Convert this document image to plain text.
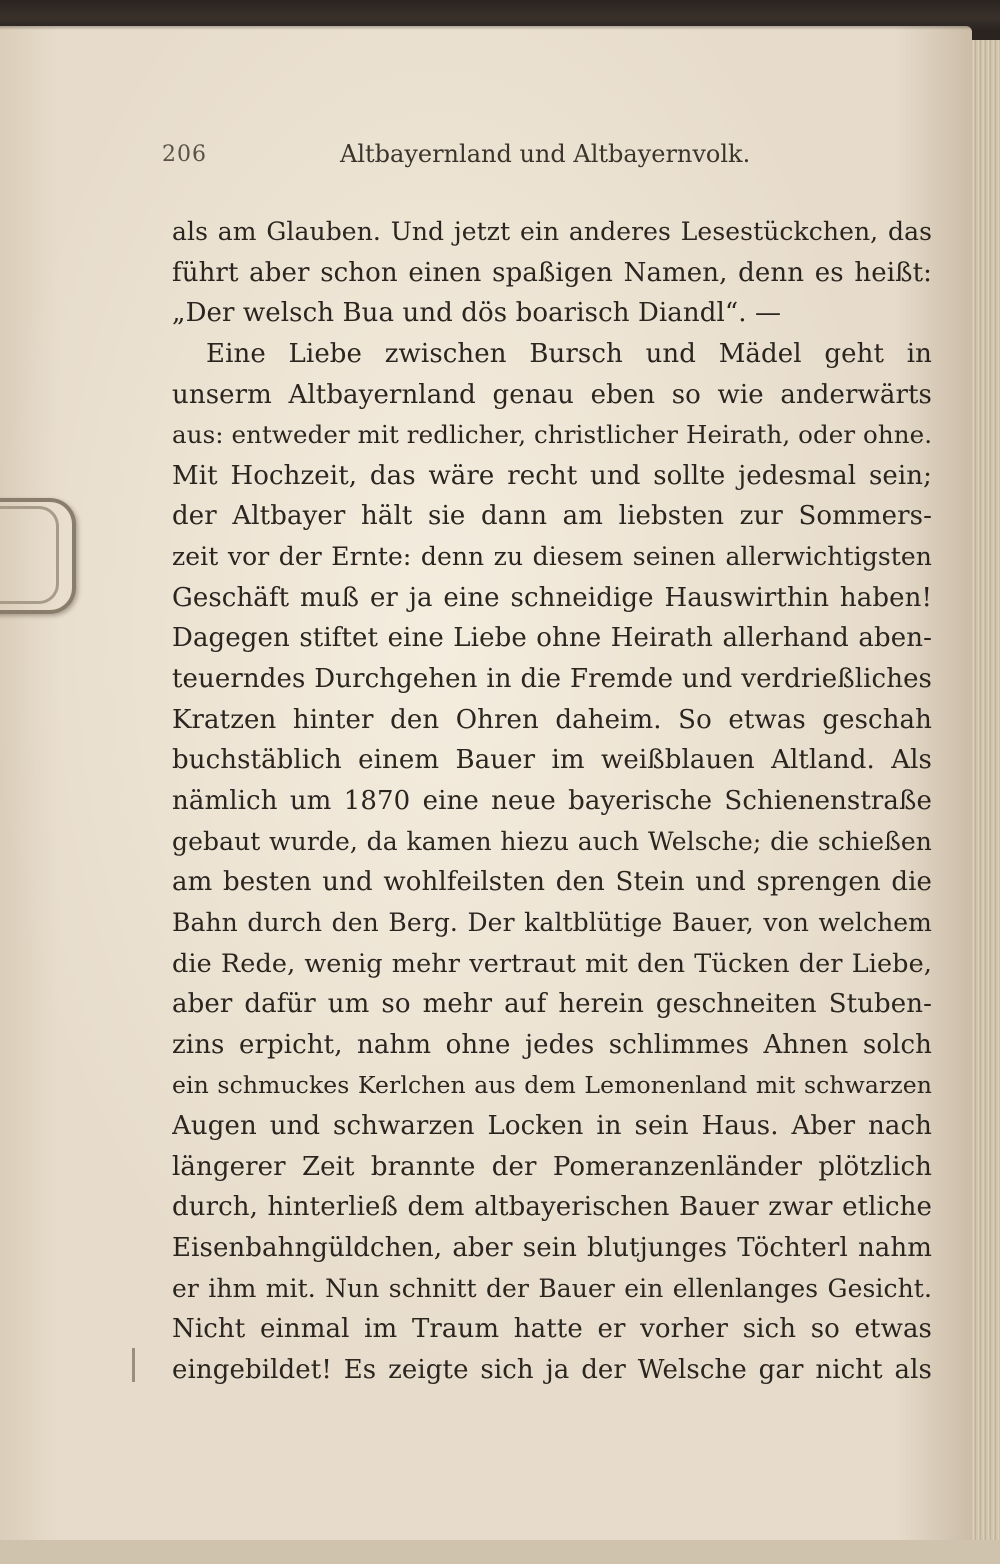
206	Altbayernland und Altbayernvolk.
als am Glauben. Und jetzt ein anderes Lesestückchen, das
führt aber schon einen spaßigen Namen, denn es heißt:
„Der welsch Bua und dös boarisch Diandl“. —
Eine Liebe zwischen Bursch und Mädel geht in
unserm Altbayernland genau eben so wie anderwärts
aus: entweder mit redlicher, christlicher Heirath, oder ohne.
Mit Hochzeit, das wäre recht und sollte jedesmal sein;
der Altbayer hält sie dann am liebsten zur Sommers-
zeit vor der Ernte: denn zu diesem seinen allerwichtigsten
Geschäft muß er ja eine schneidige Hauswirthin haben!
Dagegen stiftet eine Liebe ohne Heirath allerhand aben-
teuerndes Durchgehen in die Fremde und verdrießliches
Kratzen hinter den Ohren daheim. So etwas geschah
buchstäblich einem Bauer im weißblauen Altland. Als
nämlich um 1870 eine neue bayerische Schienenstraße
gebaut wurde, da kamen hiezu auch Welsche; die schießen
am besten und wohlfeilsten den Stein und sprengen die
Bahn durch den Berg. Der kaltblütige Bauer, von welchem
die Rede, wenig mehr vertraut mit den Tücken der Liebe,
aber dafür um so mehr auf herein geschneiten Stuben-
zins erpicht, nahm ohne jedes schlimmes Ahnen solch
ein schmuckes Kerlchen aus dem Lemonenland mit schwarzen
Augen und schwarzen Locken in sein Haus. Aber nach
längerer Zeit brannte der Pomeranzenländer plötzlich
durch, hinterließ dem altbayerischen Bauer zwar etliche
Eisenbahngüldchen, aber sein blutjunges Töchterl nahm
er ihm mit. Nun schnitt der Bauer ein ellenlanges Gesicht.
Nicht einmal im Traum hatte er vorher sich so etwas
eingebildet! Es zeigte sich ja der Welsche gar nicht als
